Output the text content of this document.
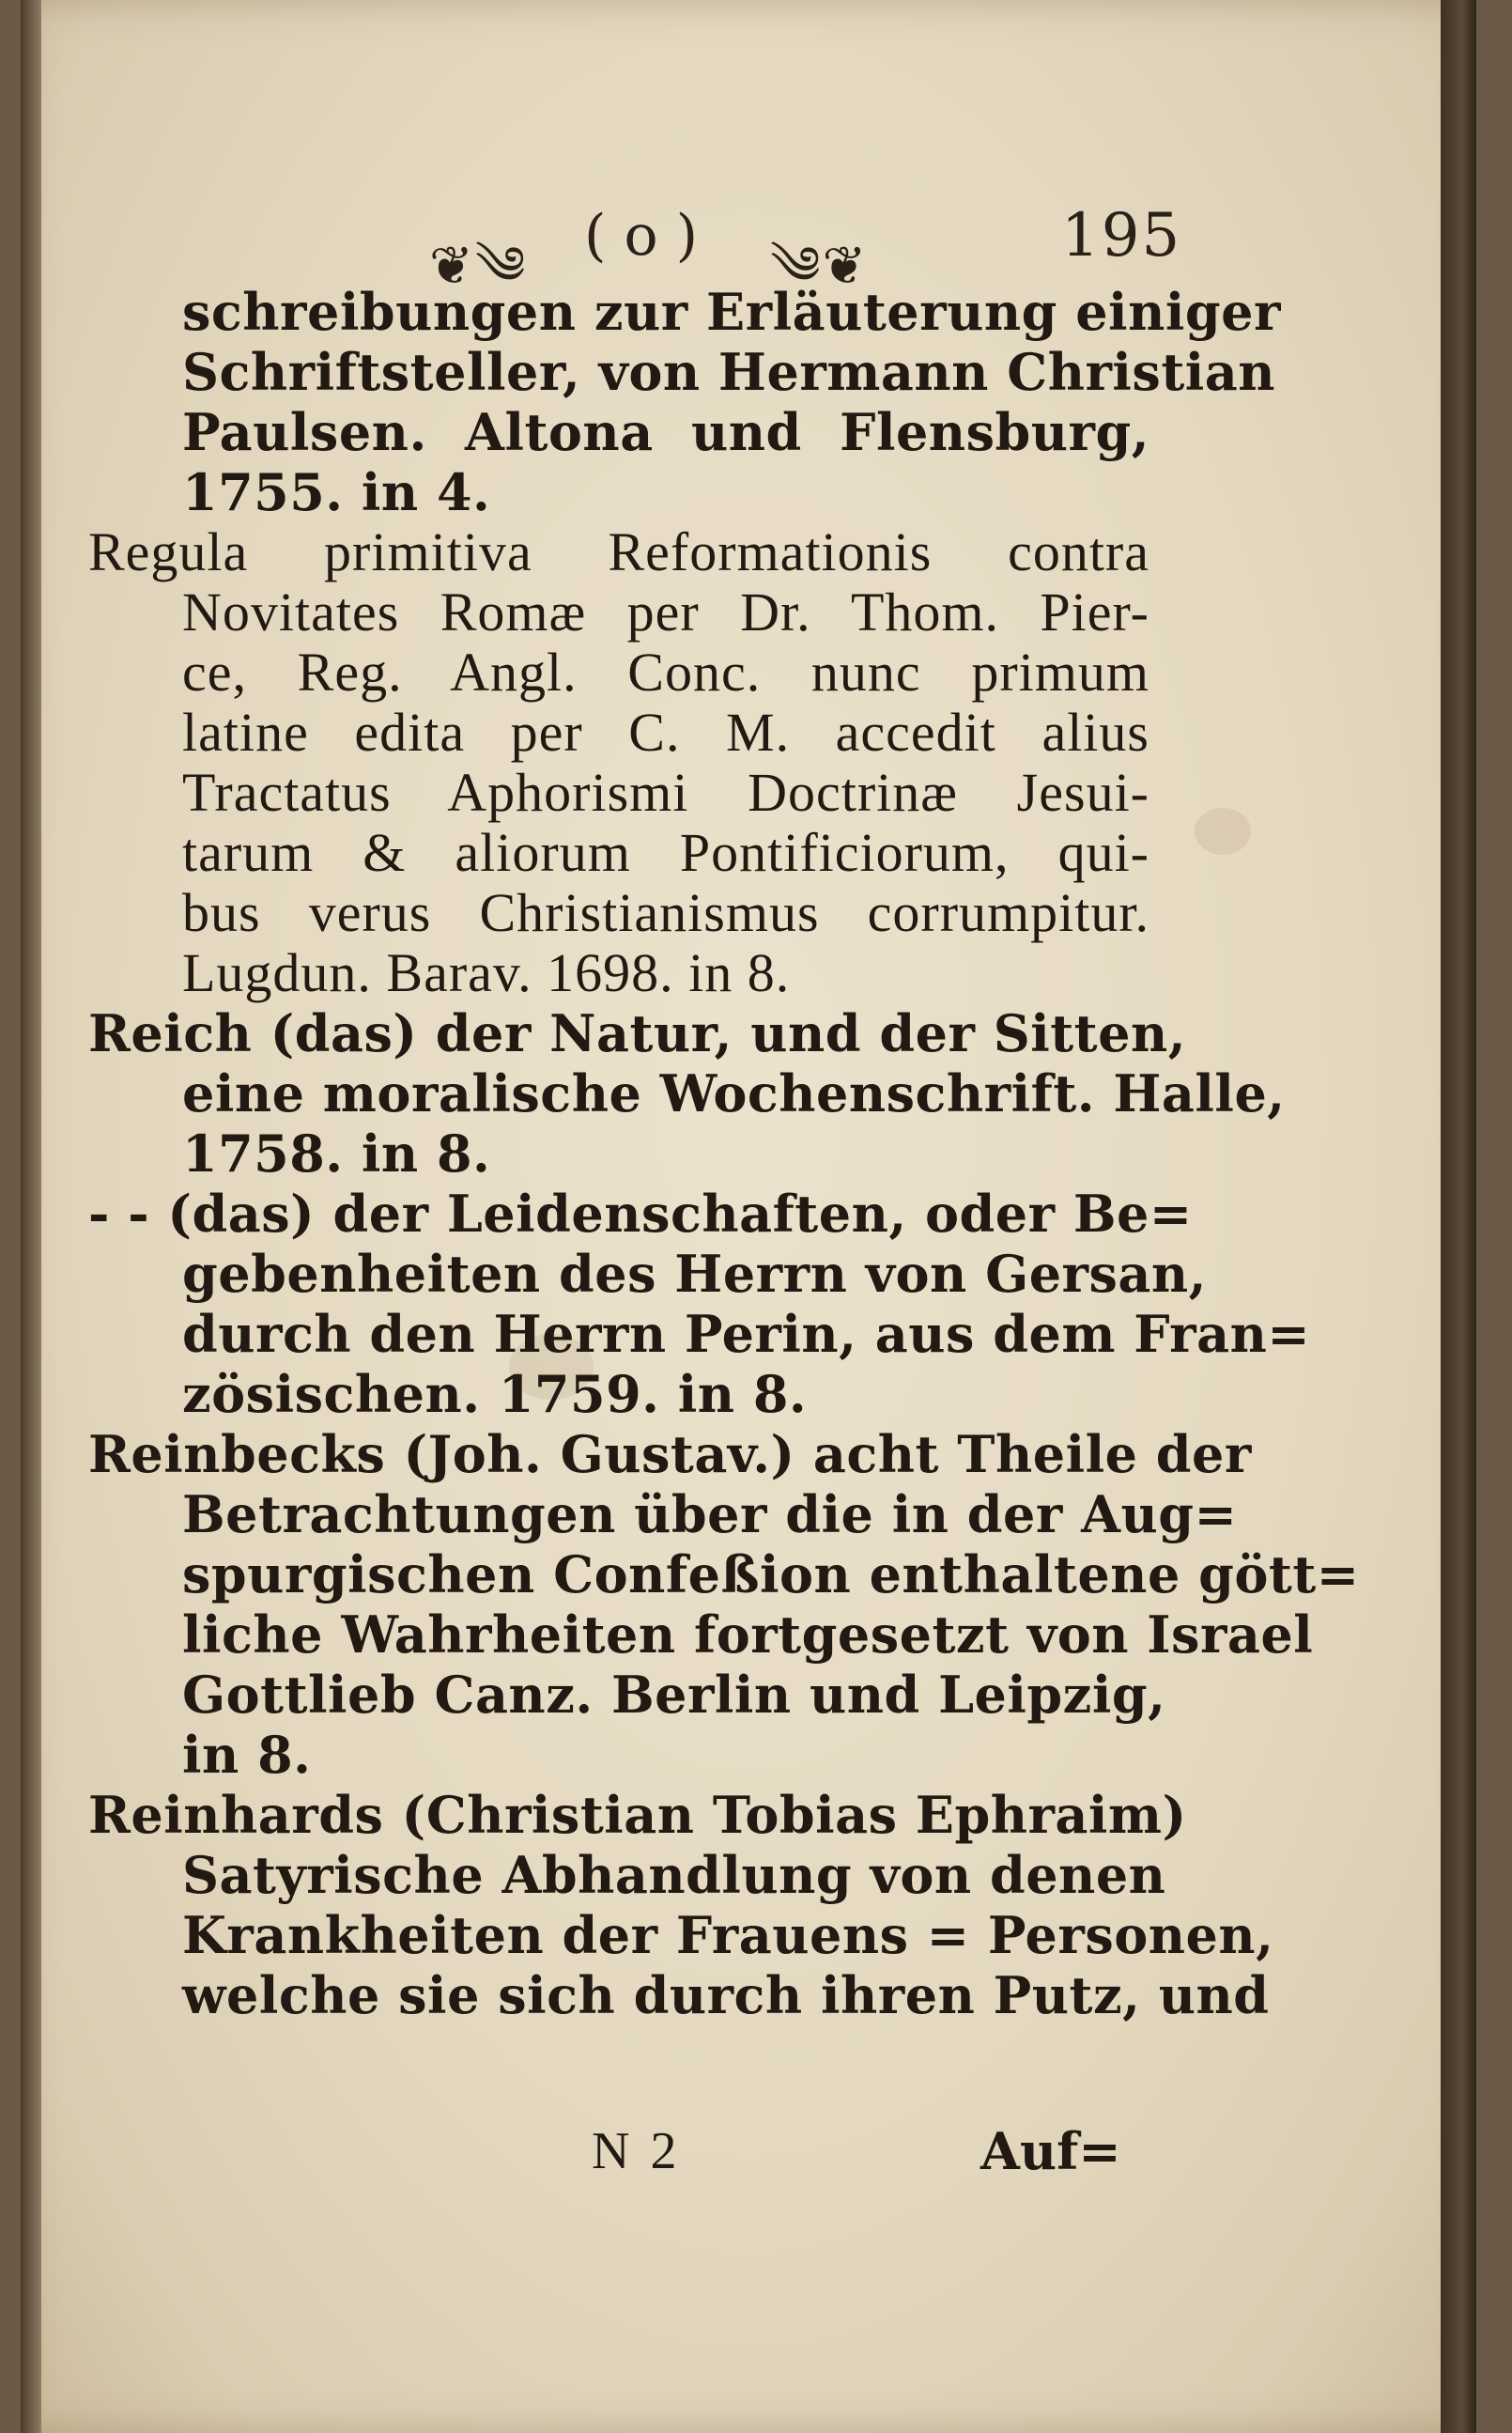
❦༄ ( o ) ༄❦	195
schreibungen zur Erläuterung einiger
Schriftsteller, von Hermann Christian
Paulsen. Altona und Flensburg,
1755. in 4.
Regula primitiva Reformationis contra
Novitates Romæ per Dr. Thom. Pier-
ce, Reg. Angl. Conc. nunc primum
latine edita per C. M. accedit alius
Tractatus Aphorismi Doctrinæ Jesui-
tarum & aliorum Pontificiorum, qui-
bus verus Christianismus corrumpitur.
Lugdun. Barav. 1698. in 8.
Reich (das) der Natur, und der Sitten,
eine moralische Wochenschrift. Halle,
1758. in 8.
- - (das) der Leidenschaften, oder Be=
gebenheiten des Herrn von Gersan,
durch den Herrn Perin, aus dem Fran=
zösischen. 1759. in 8.
Reinbecks (Joh. Gustav.) acht Theile der
Betrachtungen über die in der Aug=
spurgischen Confeßion enthaltene gött=
liche Wahrheiten fortgesetzt von Israel
Gottlieb Canz. Berlin und Leipzig,
in 8.
Reinhards (Christian Tobias Ephraim)
Satyrische Abhandlung von denen
Krankheiten der Frauens = Personen,
welche sie sich durch ihren Putz, und
N 2	Auf=
